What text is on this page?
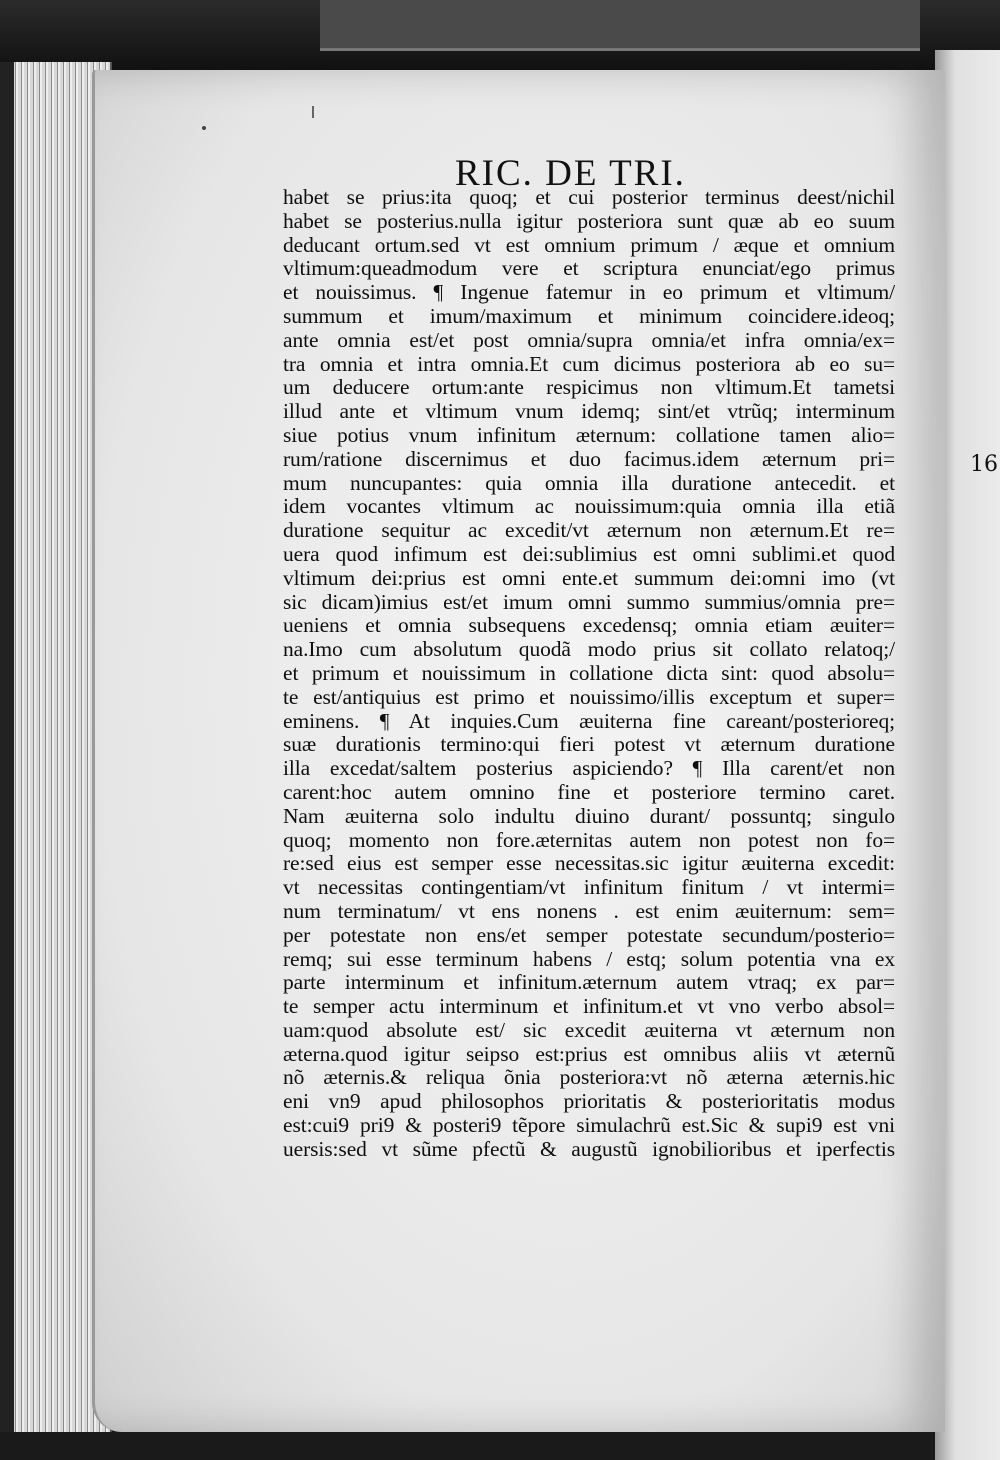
16
RIC. DE TRI.
habet se prius:ita quoq; et cui posterior terminus deest/nichil
habet se posterius.nulla igitur posteriora sunt quæ ab eo suum
deducant ortum.sed vt est omnium primum / æque et omnium
vltimum:queadmodum vere et scriptura enunciat/ego primus
et nouissimus. ¶ Ingenue fatemur in eo primum et vltimum/
summum et imum/maximum et minimum coincidere.ideoq;
ante omnia est/et post omnia/supra omnia/et infra omnia/ex=
tra omnia et intra omnia.Et cum dicimus posteriora ab eo su=
um deducere ortum:ante respicimus non vltimum.Et tametsi
illud ante et vltimum vnum idemq; sint/et vtrũq; interminum
siue potius vnum infinitum æternum: collatione tamen alio=
rum/ratione discernimus et duo facimus.idem æternum pri=
mum nuncupantes: quia omnia illa duratione antecedit. et
idem vocantes vltimum ac nouissimum:quia omnia illa etiã
duratione sequitur ac excedit/vt æternum non æternum.Et re=
uera quod infimum est dei:sublimius est omni sublimi.et quod
vltimum dei:prius est omni ente.et summum dei:omni imo (vt
sic dicam)imius est/et imum omni summo summius/omnia pre=
ueniens et omnia subsequens excedensq; omnia etiam æuiter=
na.Imo cum absolutum quodã modo prius sit collato relatoq;/
et primum et nouissimum in collatione dicta sint: quod absolu=
te est/antiquius est primo et nouissimo/illis exceptum et super=
eminens. ¶ At inquies.Cum æuiterna fine careant/posterioreq;
suæ durationis termino:qui fieri potest vt æternum duratione
illa excedat/saltem posterius aspiciendo? ¶ Illa carent/et non
carent:hoc autem omnino fine et posteriore termino caret.
Nam æuiterna solo indultu diuino durant/ possuntq; singulo
quoq; momento non fore.æternitas autem non potest non fo=
re:sed eius est semper esse necessitas.sic igitur æuiterna excedit:
vt necessitas contingentiam/vt infinitum finitum / vt intermi=
num terminatum/ vt ens nonens . est enim æuiternum: sem=
per potestate non ens/et semper potestate secundum/posterio=
remq; sui esse terminum habens / estq; solum potentia vna ex
parte interminum et infinitum.æternum autem vtraq; ex par=
te semper actu interminum et infinitum.et vt vno verbo absol=
uam:quod absolute est/ sic excedit æuiterna vt æternum non
æterna.quod igitur seipso est:prius est omnibus aliis vt æternũ
nõ æternis.& reliqua õnia posteriora:vt nõ æterna æternis.hic
eni vn9 apud philosophos prioritatis & posterioritatis modus
est:cui9 pri9 & posteri9 tẽpore simulachrũ est.Sic & supi9 est vni
uersis:sed vt sũme pfectũ & augustũ ignobilioribus et iperfectis
